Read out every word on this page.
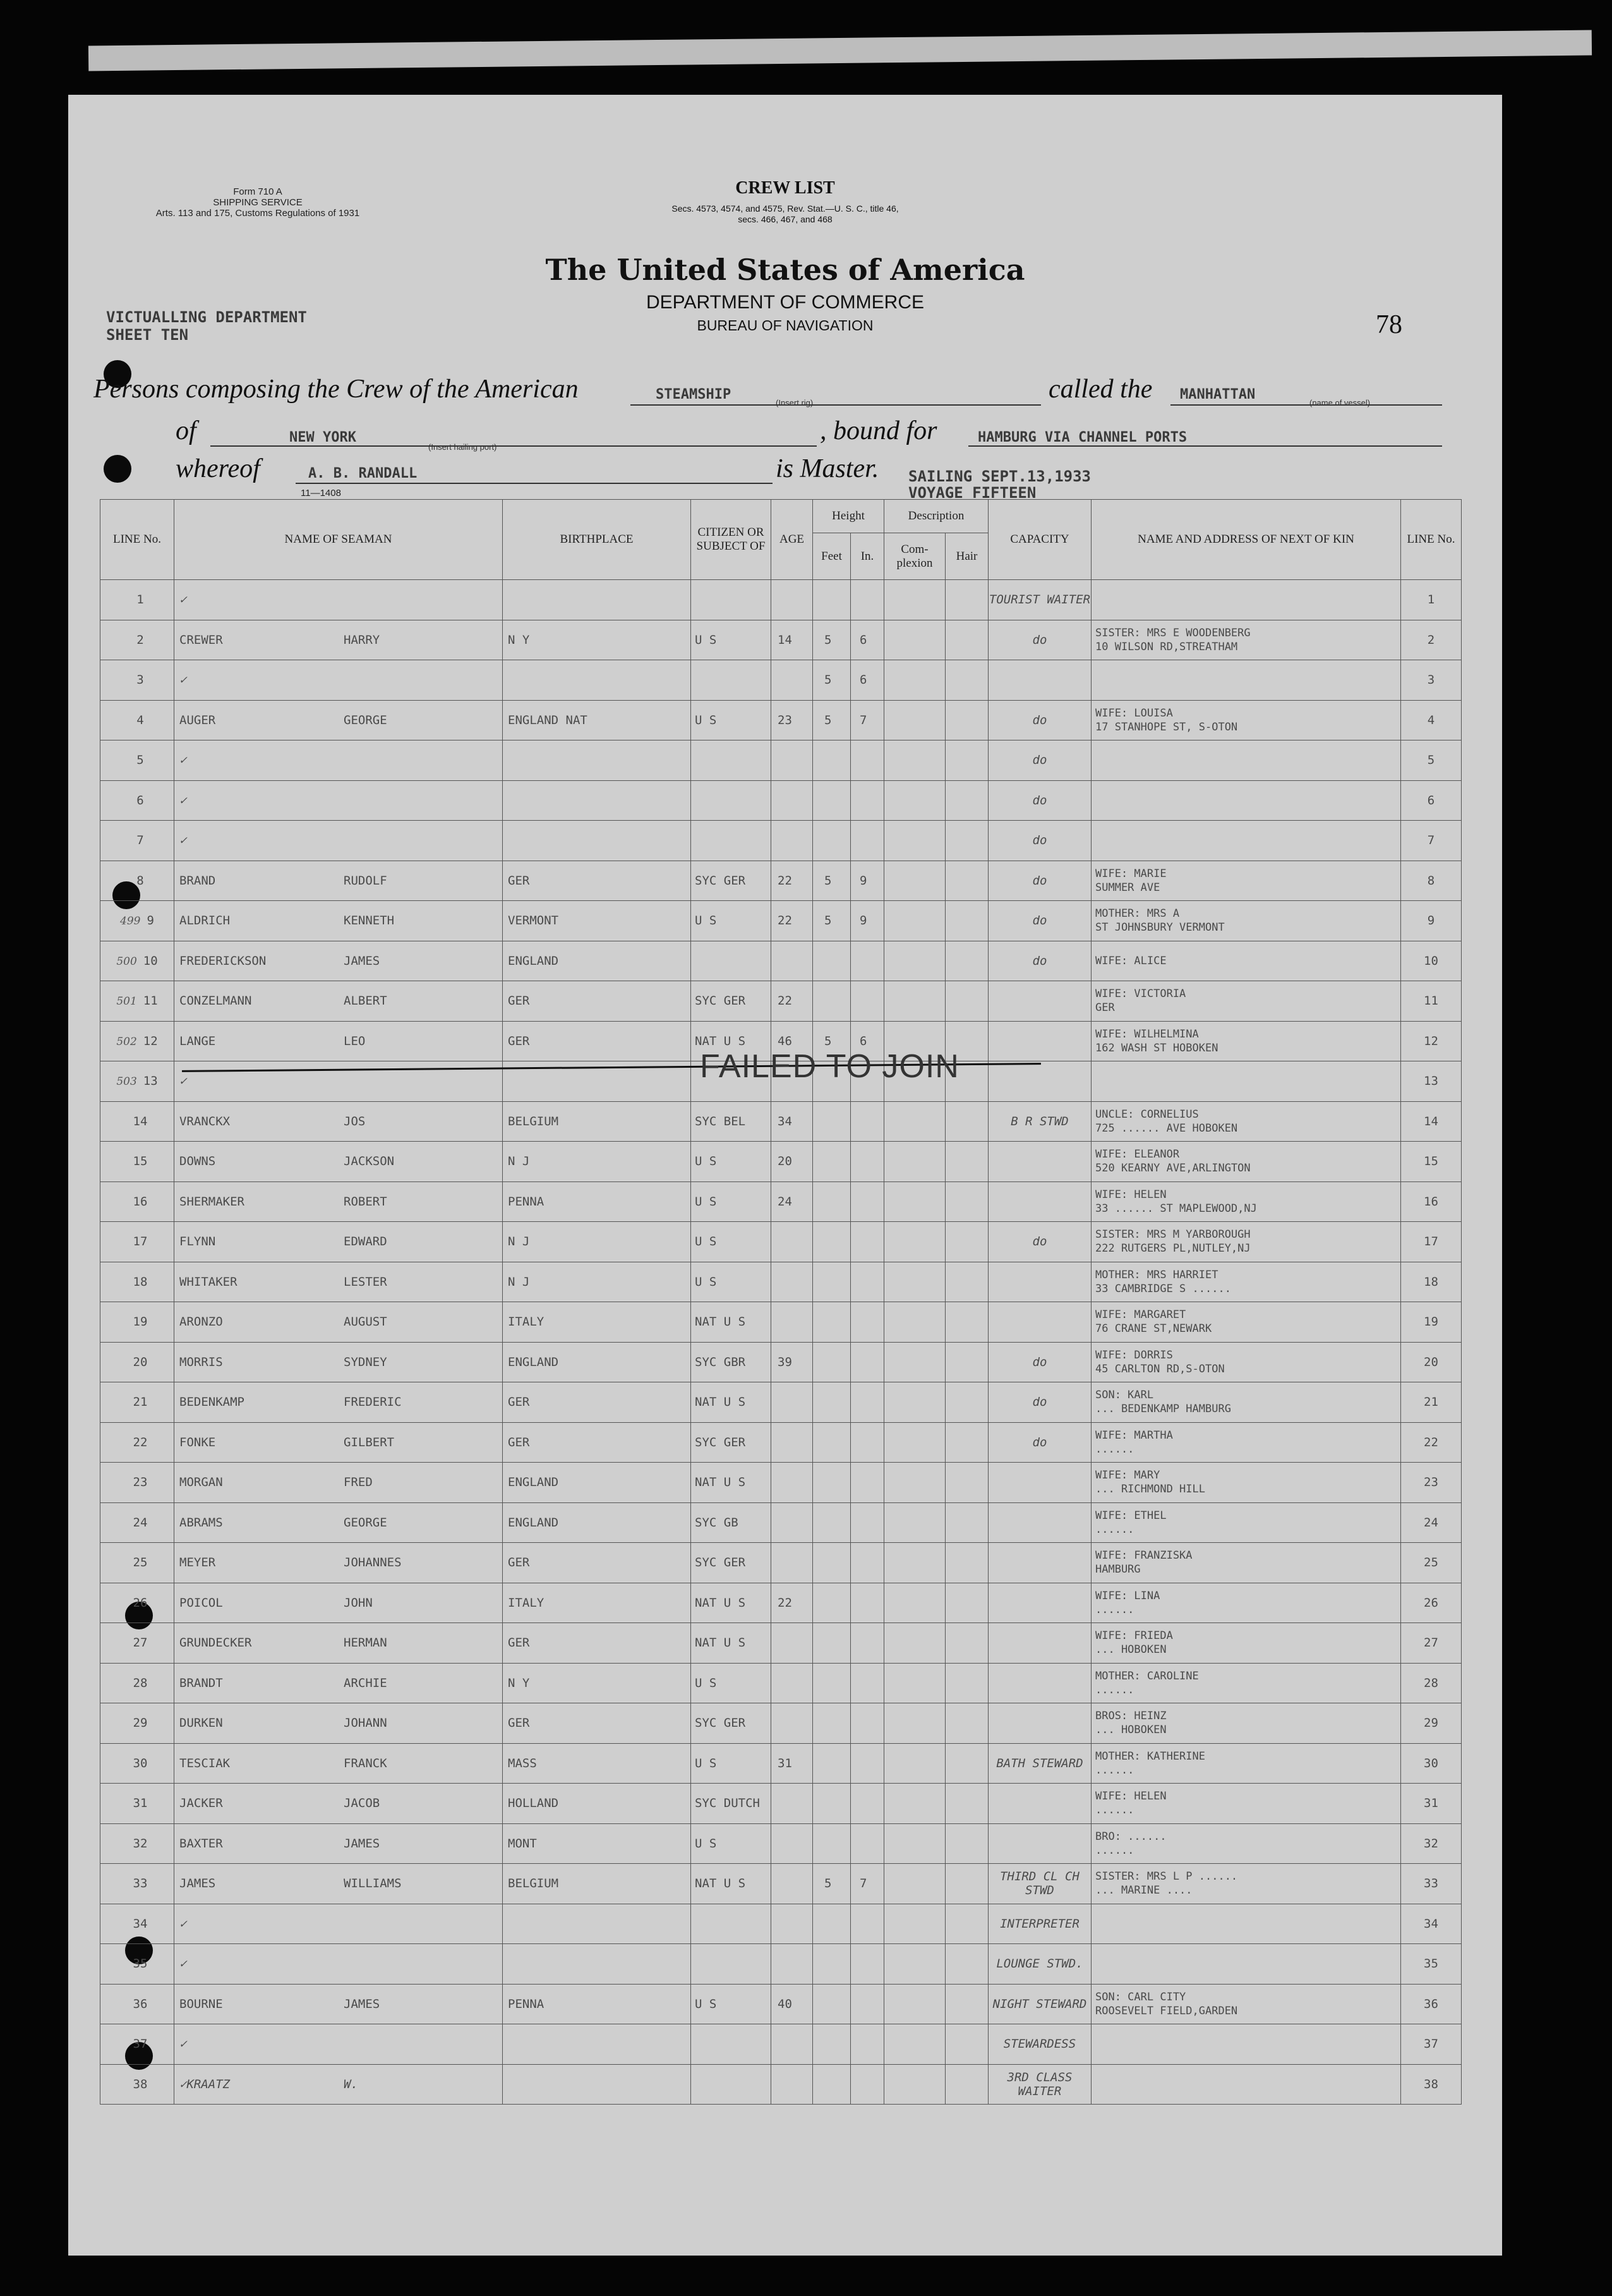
Form 710 A
SHIPPING SERVICE
Arts. 113 and 175, Customs Regulations of 1931
CREW LIST
Secs. 4573, 4574, and 4575, Rev. Stat.—U. S. C., title 46,
secs. 466, 467, and 468
The United States of America
DEPARTMENT OF COMMERCE
BUREAU OF NAVIGATION
VICTUALLING DEPARTMENT
SHEET TEN	78
Persons composing the Crew of the American	STEAMSHIP
(Insert rig)	called the MANHATTAN
(name of vessel)
of	NEW YORK
(Insert hailing port)
, bound for	HAMBURG VIA CHANNEL PORTS
whereof	A. B. RANDALL	is Master. SAILING SEPT.13,1933
VOYAGE FIFTEEN
11—1408
LINE No.	NAME OF SEAMAN	BIRTHPLACE	CITIZEN OR SUBJECT OF	AGE	Height		Description		CAPACITY	NAME AND ADDRESS OF NEXT OF KIN	LINE No.
					Feet	In.	Com- plexion	Hair			
1	✓								TOURIST WAITER		1
2	CREWER HARRY	N Y	U S	14	5	6			do	SISTER: MRS E WOODENBERG
10 WILSON RD,STREATHAM	2
3	✓				5	6					3
4	AUGER GEORGE	ENGLAND NAT	U S	23	5	7			do	WIFE: LOUISA
17 STANHOPE ST, S-OTON	4
5	✓								do		5
6	✓								do		6
7	✓								do		7
8	BRAND RUDOLF	GER	SYC GER	22	5	9			do	WIFE: MARIE
SUMMER AVE	8
499 9	ALDRICH KENNETH	VERMONT	U S	22	5	9			do	MOTHER: MRS A
ST JOHNSBURY VERMONT	9
500 10	FREDERICKSON JAMES	ENGLAND							do	WIFE: ALICE	10
501 11	CONZELMANN ALBERT	GER	SYC GER	22						WIFE: VICTORIA
GER	11
502 12	LANGE LEO	GER	NAT U S	46	5	6				WIFE: WILHELMINA
162 WASH ST HOBOKEN	12
503 13	✓										13
14	VRANCKX JOS	BELGIUM	SYC BEL	34					B R STWD	UNCLE: CORNELIUS
725 ...... AVE HOBOKEN	14
15	DOWNS JACKSON	N J	U S	20						WIFE: ELEANOR
520 KEARNY AVE,ARLINGTON	15
16	SHERMAKER ROBERT	PENNA	U S	24						WIFE: HELEN
33 ...... ST MAPLEWOOD,NJ	16
17	FLYNN EDWARD	N J	U S						do	SISTER: MRS M YARBOROUGH
222 RUTGERS PL,NUTLEY,NJ	17
18	WHITAKER LESTER	N J	U S							MOTHER: MRS HARRIET
33 CAMBRIDGE S ......	18
19	ARONZO AUGUST	ITALY	NAT U S							WIFE: MARGARET
76 CRANE ST,NEWARK	19
20	MORRIS SYDNEY	ENGLAND	SYC GBR	39					do	WIFE: DORRIS
45 CARLTON RD,S-OTON	20
21	BEDENKAMP FREDERIC	GER	NAT U S						do	SON: KARL
... BEDENKAMP HAMBURG	21
22	FONKE GILBERT	GER	SYC GER						do	WIFE: MARTHA
......	22
23	MORGAN FRED	ENGLAND	NAT U S							WIFE: MARY
... RICHMOND HILL	23
24	ABRAMS GEORGE	ENGLAND	SYC GB							WIFE: ETHEL
......	24
25	MEYER JOHANNES	GER	SYC GER							WIFE: FRANZISKA
HAMBURG	25
26	POICOL JOHN	ITALY	NAT U S	22						WIFE: LINA
......	26
27	GRUNDECKER HERMAN	GER	NAT U S							WIFE: FRIEDA
... HOBOKEN	27
28	BRANDT ARCHIE	N Y	U S							MOTHER: CAROLINE
......	28
29	DURKEN JOHANN	GER	SYC GER							BROS: HEINZ
... HOBOKEN	29
30	TESCIAK FRANCK	MASS	U S	31					BATH STEWARD	MOTHER: KATHERINE
......	30
31	JACKER JACOB	HOLLAND	SYC DUTCH							WIFE: HELEN
......	31
32	BAXTER JAMES	MONT	U S							BRO: ......
......	32
33	JAMES WILLIAMS	BELGIUM	NAT U S		5	7			THIRD CL CH STWD	SISTER: MRS L P ......
... MARINE ....	33
34	✓								INTERPRETER		34
35	✓								LOUNGE STWD.		35
36	BOURNE JAMES	PENNA	U S	40					NIGHT STEWARD	SON: CARL CITY
ROOSEVELT FIELD,GARDEN	36
37	✓								STEWARDESS		37
38	✓KRAATZ W.								3RD CLASS WAITER		38
FAILED TO JOIN
